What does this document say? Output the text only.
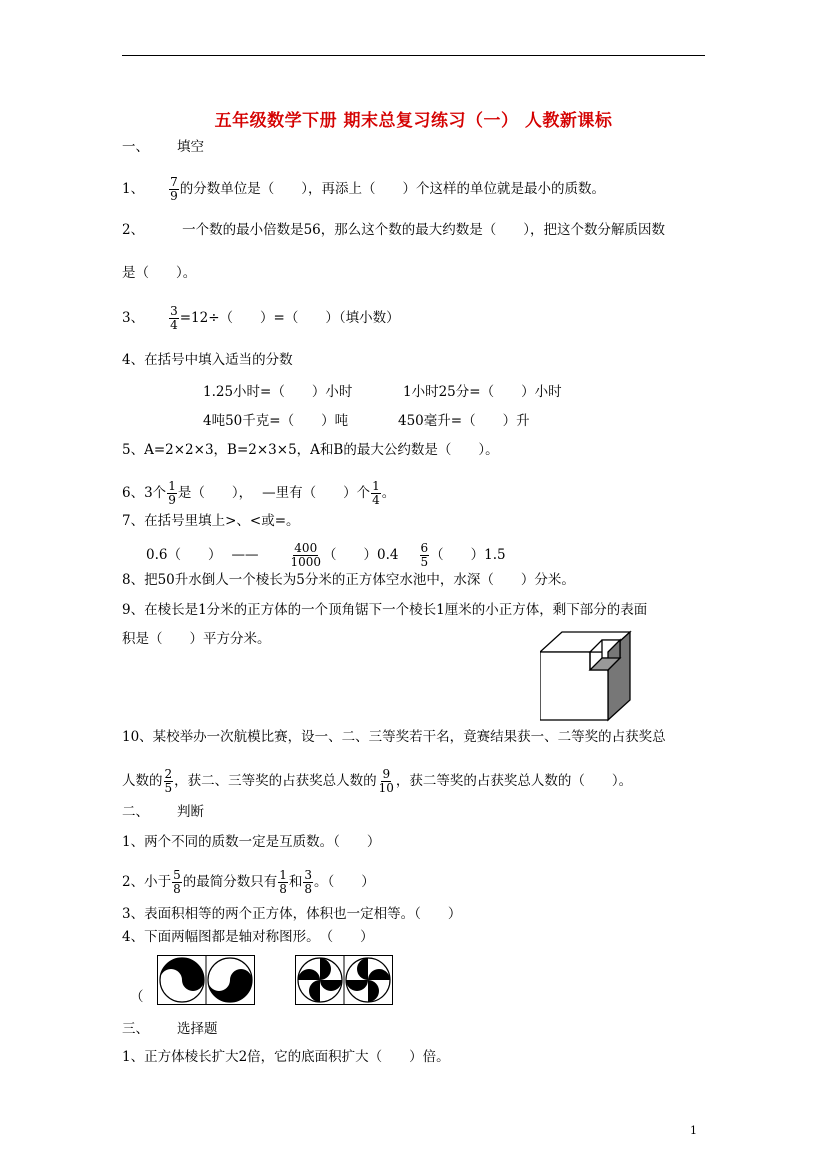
五年级数学下册 期末总复习练习（一） 人教新课标
一、 填空
1、 $\frac{7}{9}$ 的分数单位是（　　），再添上（　　）个这样的单位就是最小的质数。
2、	一个数的最小倍数是56，那么这个数的最大约数是（　　），把这个数分解质因数
是（　　）。
3、 $\frac{3}{4} =12\div$（　　）=（　　）（填小数）
4、在括号中填入适当的分数
1.25小时=（　　）小时	1小时25分=（　　）小时
4吨50千克=（　　）吨	450毫升=（　　）升
5、A=2×2×3，B=2×3×5，A和B的最大公约数是（　　）。
6、3个 $\frac{1}{9}$ 是（　　）， —里有（　　）个 $\frac{1}{4}$ 。
7、在括号里填上>、<或=。
0.6（　　） ——	$\frac{400}{1000}$ （　　）$0.4 \frac{6}{5}$ （　　）1.5
8、把50升水倒人一个棱长为5分米的正方体空水池中，水深（　　）分米。
9、在棱长是1分米的正方体的一个顶角锯下一个棱长1厘米的小正方体，剩下部分的表面
积是（　　）平方分米。
10、某校举办一次航模比赛，设一、二、三等奖若干名，竟赛结果获一、二等奖的占获奖总
人数的 $\frac{2}{5}$ ，获二、三等奖的占获奖总人数的 $\frac{9}{10}$ ，获二等奖的占获奖总人数的（　　）。
二、 判断
1、两个不同的质数一定是互质数。（　　）
2、小于 $\frac{5}{8}$ 的最简分数只有 $\frac{1}{8}$ 和 $\frac{3}{8}$ 。（　　）
3、表面积相等的两个正方体，体积也一定相等。（　　）
4、下面两幅图都是轴对称图形。　（　　）
（
三、 选择题
1、正方体棱长扩大2倍，它的底面积扩大（　　）倍。
1
